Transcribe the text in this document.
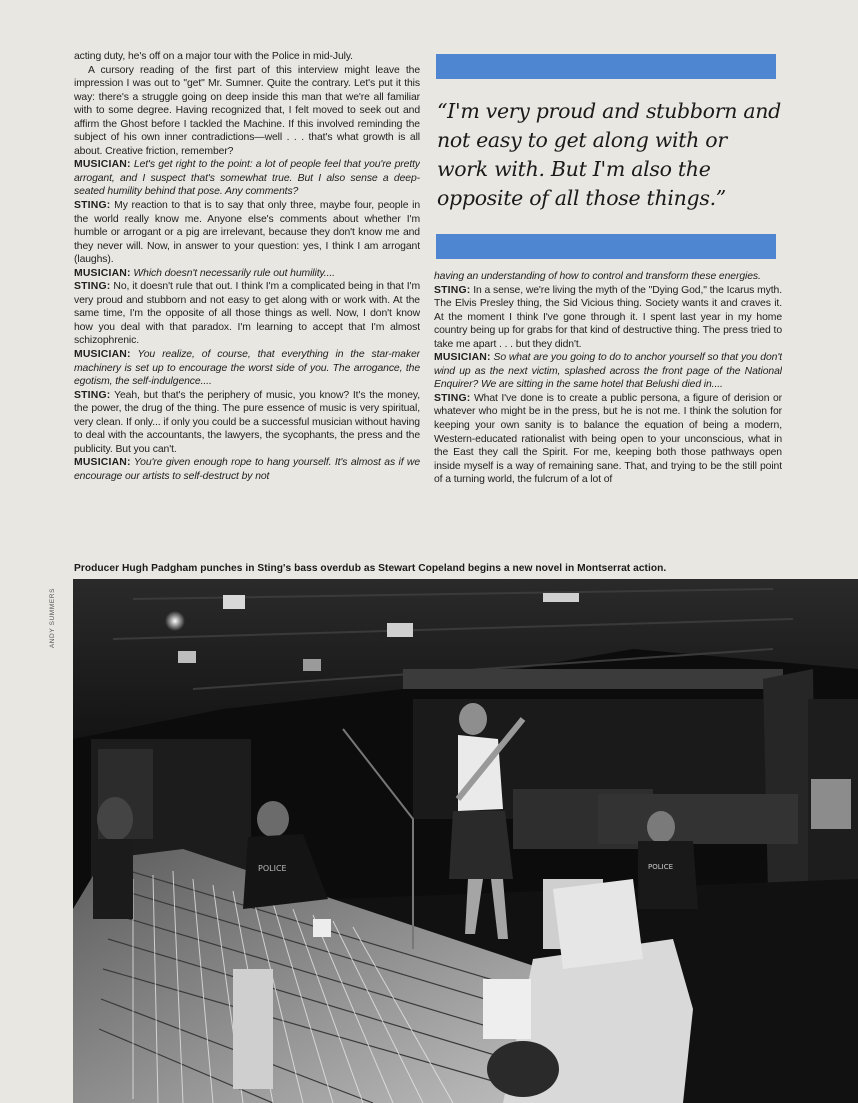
acting duty, he's off on a major tour with the Police in mid-July.

A cursory reading of the first part of this interview might leave the impression I was out to "get" Mr. Sumner. Quite the contrary. Let's put it this way: there's a struggle going on deep inside this man that we're all familiar with to some degree. Having recognized that, I felt moved to seek out and affirm the Ghost before I tackled the Machine. If this involved reminding the subject of his own inner contradictions—well . . . that's what growth is all about. Creative friction, remember?

MUSICIAN: Let's get right to the point: a lot of people feel that you're pretty arrogant, and I suspect that's somewhat true. But I also sense a deep-seated humility behind that pose. Any comments?

STING: My reaction to that is to say that only three, maybe four, people in the world really know me. Anyone else's comments about whether I'm humble or arrogant or a pig are irrelevant, because they don't know me and they never will. Now, in answer to your question: yes, I think I am arrogant (laughs).

MUSICIAN: Which doesn't necessarily rule out humility....

STING: No, it doesn't rule that out. I think I'm a complicated being in that I'm very proud and stubborn and not easy to get along with or work with. At the same time, I'm the opposite of all those things as well. Now, I don't know how you deal with that paradox. I'm learning to accept that I'm almost schizophrenic.

MUSICIAN: You realize, of course, that everything in the star-maker machinery is set up to encourage the worst side of you. The arrogance, the egotism, the self-indulgence....

STING: Yeah, but that's the periphery of music, you know? It's the money, the power, the drug of the thing. The pure essence of music is very spiritual, very clean. If only... if only you could be a successful musician without having to deal with the accountants, the lawyers, the sycophants, the press and the publicity. But you can't.

MUSICIAN: You're given enough rope to hang yourself. It's almost as if we encourage our artists to self-destruct by not

“I'm very proud and stubborn and not easy to get along with or work with. But I'm also the opposite of all those things.”

having an understanding of how to control and transform these energies.

STING: In a sense, we're living the myth of the "Dying God," the Icarus myth. The Elvis Presley thing, the Sid Vicious thing. Society wants it and craves it. At the moment I think I've gone through it. I spent last year in my home country being up for grabs for that kind of destructive thing. The press tried to take me apart . . . but they didn't.

MUSICIAN: So what are you going to do to anchor yourself so that you don't wind up as the next victim, splashed across the front page of the National Enquirer? We are sitting in the same hotel that Belushi died in....

STING: What I've done is to create a public persona, a figure of derision or whatever who might be in the press, but he is not me. I think the solution for keeping your own sanity is to balance the equation of being a modern, Western-educated rationalist with being open to your unconscious, what in the East they call the Spirit. For me, keeping both those pathways open inside myself is a way of remaining sane. That, and trying to be the still point of a turning world, the fulcrum of a lot of

ANDY SUMMERS
Producer Hugh Padgham punches in Sting's bass overdub as Stewart Copeland begins a new novel in Montserrat action.
POLICE	POLICE
